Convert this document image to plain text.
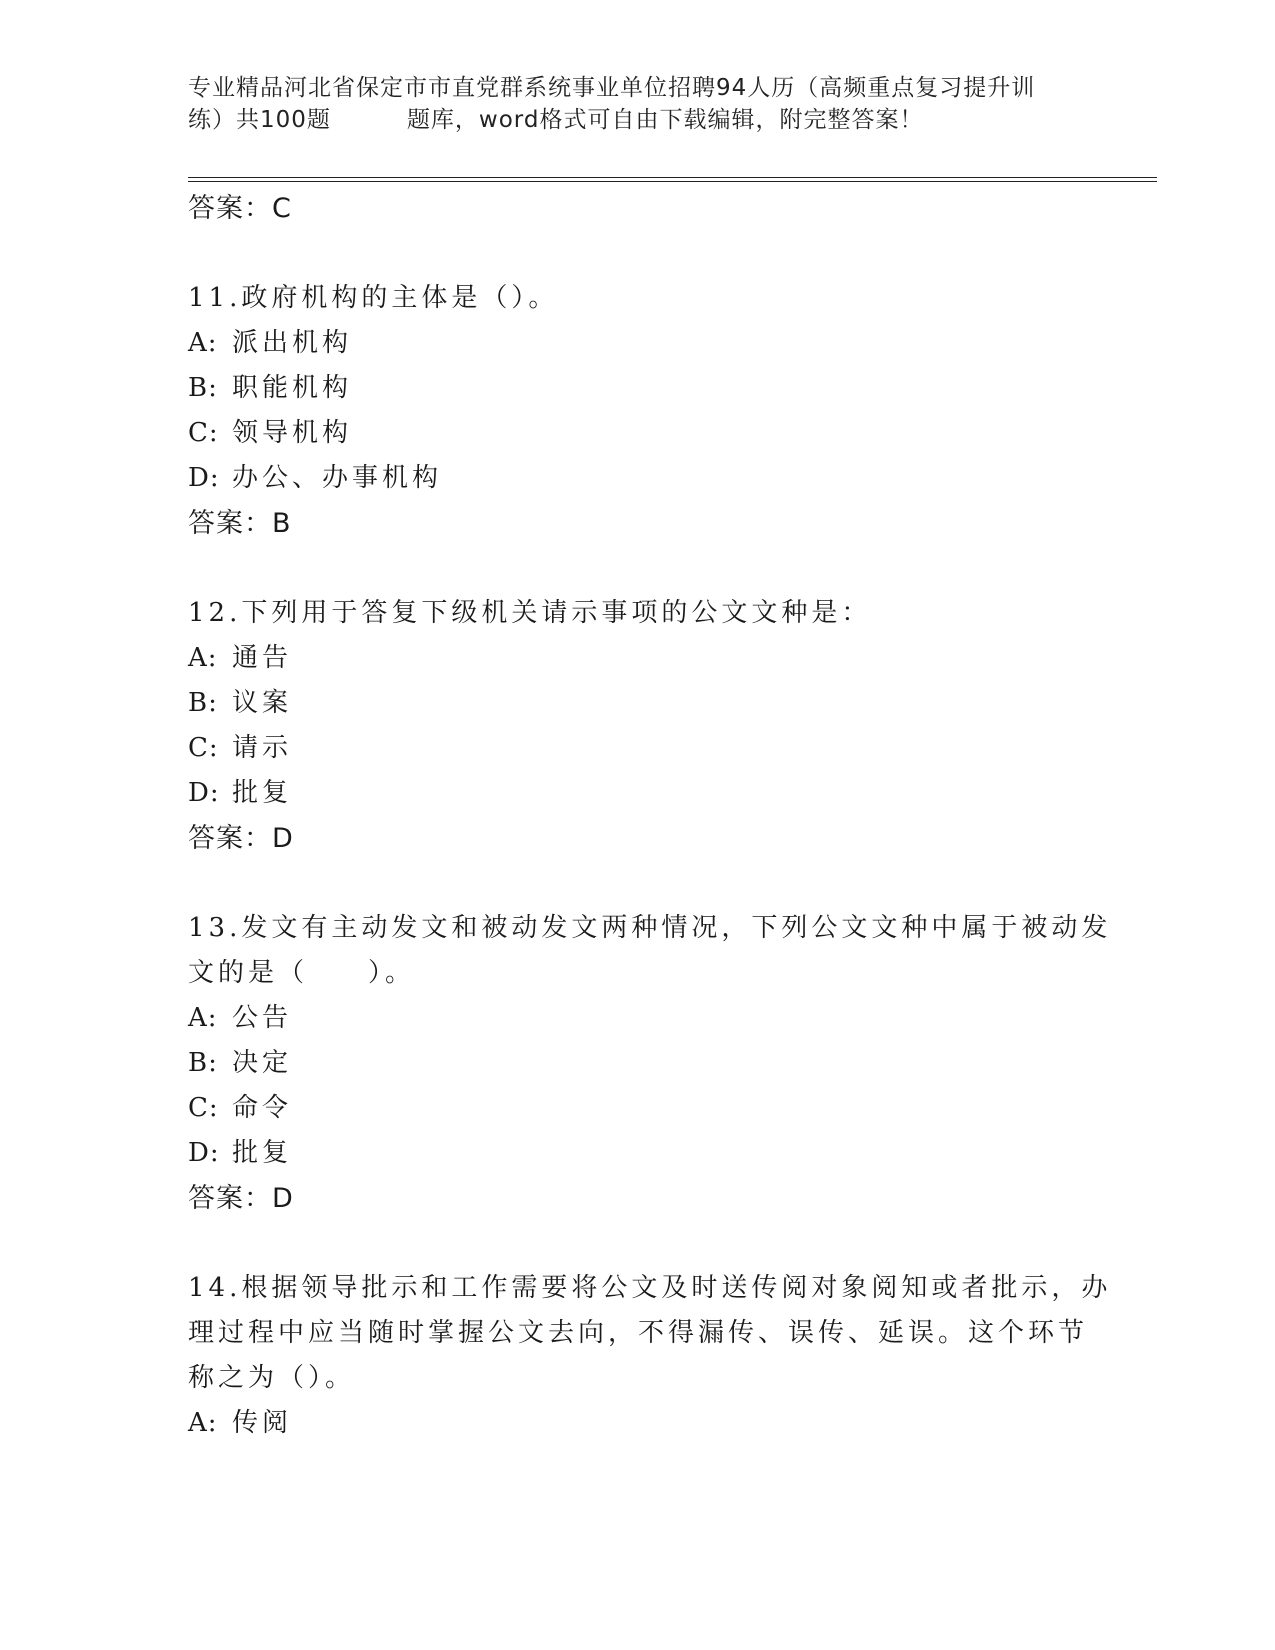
专业精品河北省保定市市直党群系统事业单位招聘94人历（高频重点复习提升训
练）共100题	题库，word格式可自由下载编辑，附完整答案！
答案：C
11.政府机构的主体是（）。
A: 派出机构
B: 职能机构
C: 领导机构
D: 办公、办事机构
答案：B
12.下列用于答复下级机关请示事项的公文文种是：
A: 通告
B: 议案
C: 请示
D: 批复
答案：D
13.发文有主动发文和被动发文两种情况，下列公文文种中属于被动发
文的是（　　）。
A: 公告
B: 决定
C: 命令
D: 批复
答案：D
14.根据领导批示和工作需要将公文及时送传阅对象阅知或者批示，办
理过程中应当随时掌握公文去向，不得漏传、误传、延误。这个环节
称之为（）。
A: 传阅
